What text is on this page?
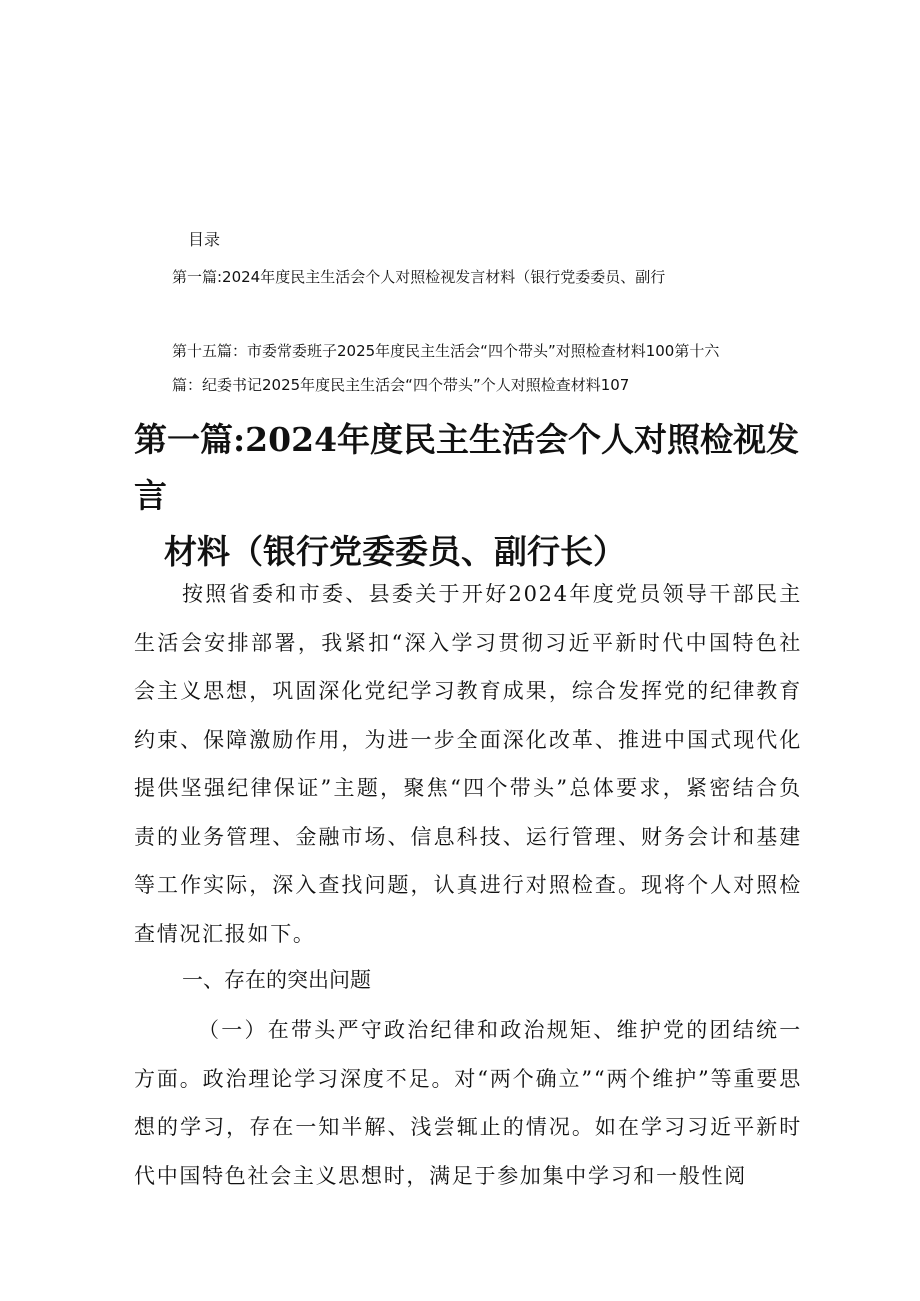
目录

第一篇:2024年度民主生活会个人对照检视发言材料（银行党委委员、副行

第十五篇：市委常委班子2025年度民主生活会“四个带头”对照检查材料100第十六

篇：纪委书记2025年度民主生活会“四个带头”个人对照检查材料107

第一篇:2024年度民主生活会个人对照检视发言
材料（银行党委委员、副行长）

按照省委和市委、县委关于开好2024年度党员领导干部民主生活会安排部署，我紧扣“深入学习贯彻习近平新时代中国特色社会主义思想，巩固深化党纪学习教育成果，综合发挥党的纪律教育约束、保障激励作用，为进一步全面深化改革、推进中国式现代化提供坚强纪律保证”主题，聚焦“四个带头”总体要求，紧密结合负责的业务管理、金融市场、信息科技、运行管理、财务会计和基建等工作实际，深入查找问题，认真进行对照检查。现将个人对照检查情况汇报如下。

一、存在的突出问题

（一）在带头严守政治纪律和政治规矩、维护党的团结统一方面。政治理论学习深度不足。对“两个确立”“两个维护”等重要思想的学习，存在一知半解、浅尝辄止的情况。如在学习习近平新时代中国特色社会主义思想时，满足于参加集中学习和一般性阅
